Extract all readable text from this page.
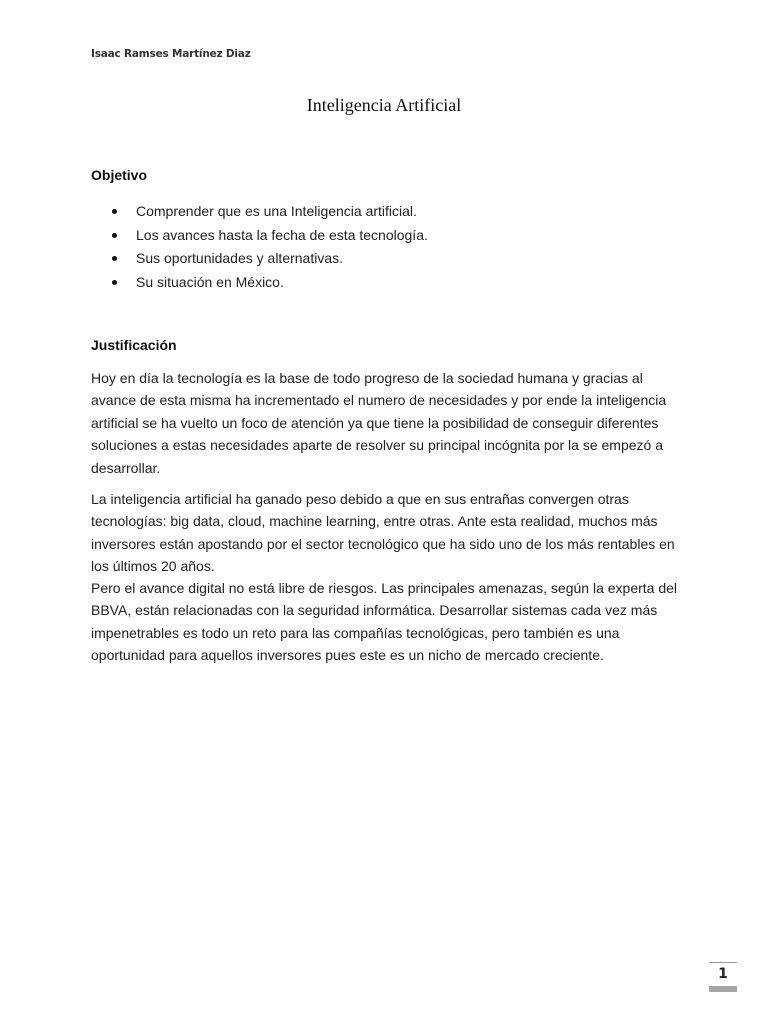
Isaac Ramses Martínez Diaz
Inteligencia Artificial
Objetivo
Comprender que es una Inteligencia artificial.
Los avances hasta la fecha de esta tecnología.
Sus oportunidades y alternativas.
Su situación en México.
Justificación

Hoy en día la tecnología es la base de todo progreso de la sociedad humana y gracias al avance de esta misma ha incrementado el numero de necesidades y por ende la inteligencia artificial se ha vuelto un foco de atención ya que tiene la posibilidad de conseguir diferentes soluciones a estas necesidades aparte de resolver su principal incógnita por la se empezó a desarrollar.

La inteligencia artificial ha ganado peso debido a que en sus entrañas convergen otras tecnologías: big data, cloud, machine learning, entre otras. Ante esta realidad, muchos más inversores están apostando por el sector tecnológico que ha sido uno de los más rentables en los últimos 20 años.

Pero el avance digital no está libre de riesgos. Las principales amenazas, según la experta del BBVA, están relacionadas con la seguridad informática. Desarrollar sistemas cada vez más impenetrables es todo un reto para las compañías tecnológicas, pero también es una oportunidad para aquellos inversores pues este es un nicho de mercado creciente.

1
